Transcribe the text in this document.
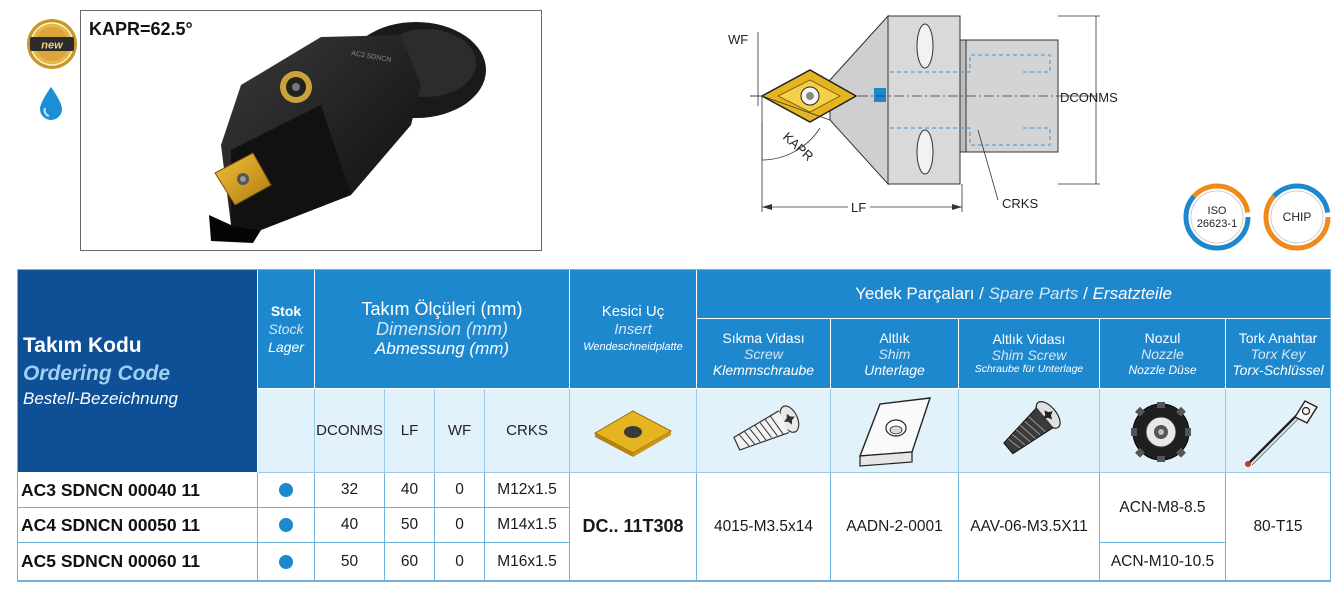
new
KAPR=62.5°
AC3 SDNCN
WF
KAPR
DCONMS
LF	CRKS	ISO
26623-1	CHIP
Takım Kodu
Ordering Code
Bestell-Bezeichnung
Stok
Stock
Lager
Takım Ölçüleri (mm)
Dimension (mm)
Abmessung (mm)
Kesici Uç
Insert
Wendeschneidplatte
Yedek Parçaları / Spare Parts / Ersatzteile
Sıkma Vidası
Screw
Klemmschraube
Altlık
Shim
Unterlage
Altlık Vidası
Shim Screw
Schraube für Unterlage
Nozul
Nozzle
Nozzle Düse
Tork Anahtar
Torx Key
Torx-Schlüssel
DCONMS LF WF CRKS
AC3 SDNCN 00040 11	32	40 0 M12x1.5
AC4 SDNCN 00050 11	40	50 0 M14x1.5
AC5 SDNCN 00060 11	50	60 0 M16x1.5
DC.. 11T308 4015-M3.5x14 AADN-2-0001 AAV-06-M3.5X11
ACN-M8-8.5
ACN-M10-10.5
80-T15
